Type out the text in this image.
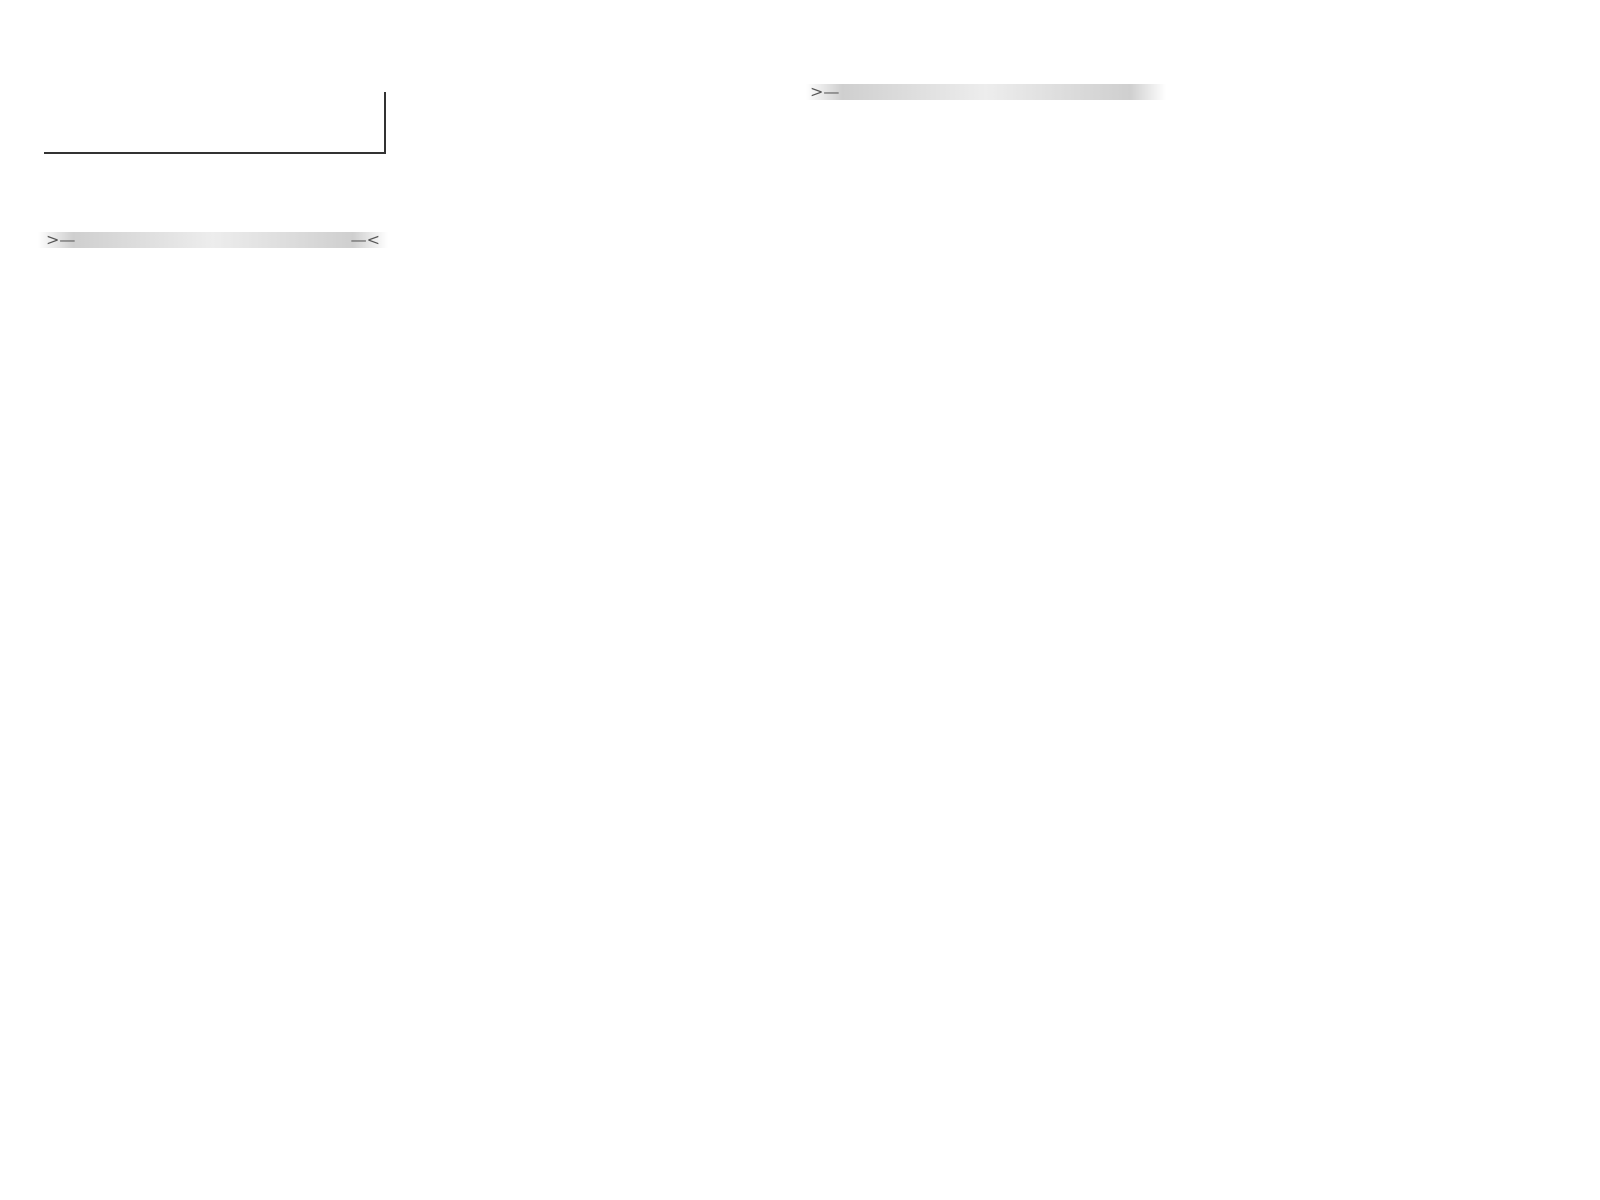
>—	—<
>—
